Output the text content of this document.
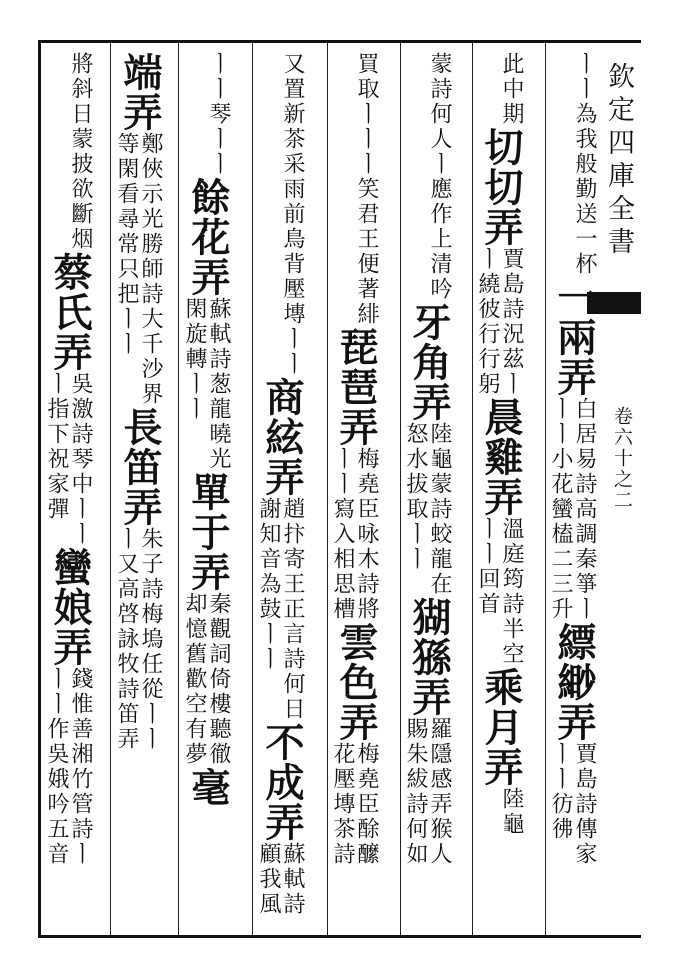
欽定四庫全書
卷六十之二
ㅣㅣ為我
般勤送一杯
一兩弄
白居易詩高調秦箏ㅣ
ㅣㅣ小花蠻榼二三升
縹緲弄
賈島詩傳家
ㅣㅣ彷彿
此中
期
切切弄
賈島詩況茲ㅣ
ㅣ繞彼行行躬
晨雞弄
溫庭筠詩半空
ㅣㅣ回首
乘月弄
陸龜
蒙詩何人
ㅣ應作上清吟
牙角弄
陸龜蒙詩蛟龍在
怒水拔取ㅣㅣ
猢猻弄
羅隱感弄猴人
賜朱紱詩何如
買取ㅣㅣㅣ
笑君王便著緋
琵琶弄
梅堯臣咏木詩將
ㅣㅣ寫入相思槽
雲色弄
梅堯臣酴醿
花壓塼茶詩
又置新茶采雨前
鳥背壓塼ㅣㅣ
商絃弄
趙抃寄王正言詩何日
謝知音為鼓ㅣㅣ
不成弄
蘇軾詩
顧我風
ㅣㅣ
琴ㅣㅣ
餘花弄
蘇軾詩葱龍曉光
閑旋轉ㅣㅣ
單于弄
秦觀詞倚樓聽徹
却憶舊歡空有夢
毫
端弄
鄭俠示光勝師詩大千沙界
等閑看尋常只把ㅣㅣ
長笛弄
朱子詩梅塢任從ㅣㅣ
ㅣ又高啓詠牧詩笛弄
將斜日蒙
披欲斷烟
蔡氏弄
吳激詩琴中ㅣㅣ
ㅣ指下祝家彈
蠻娘弄
錢惟善湘竹管詩ㅣ
ㅣㅣ作吳娥吟五音
